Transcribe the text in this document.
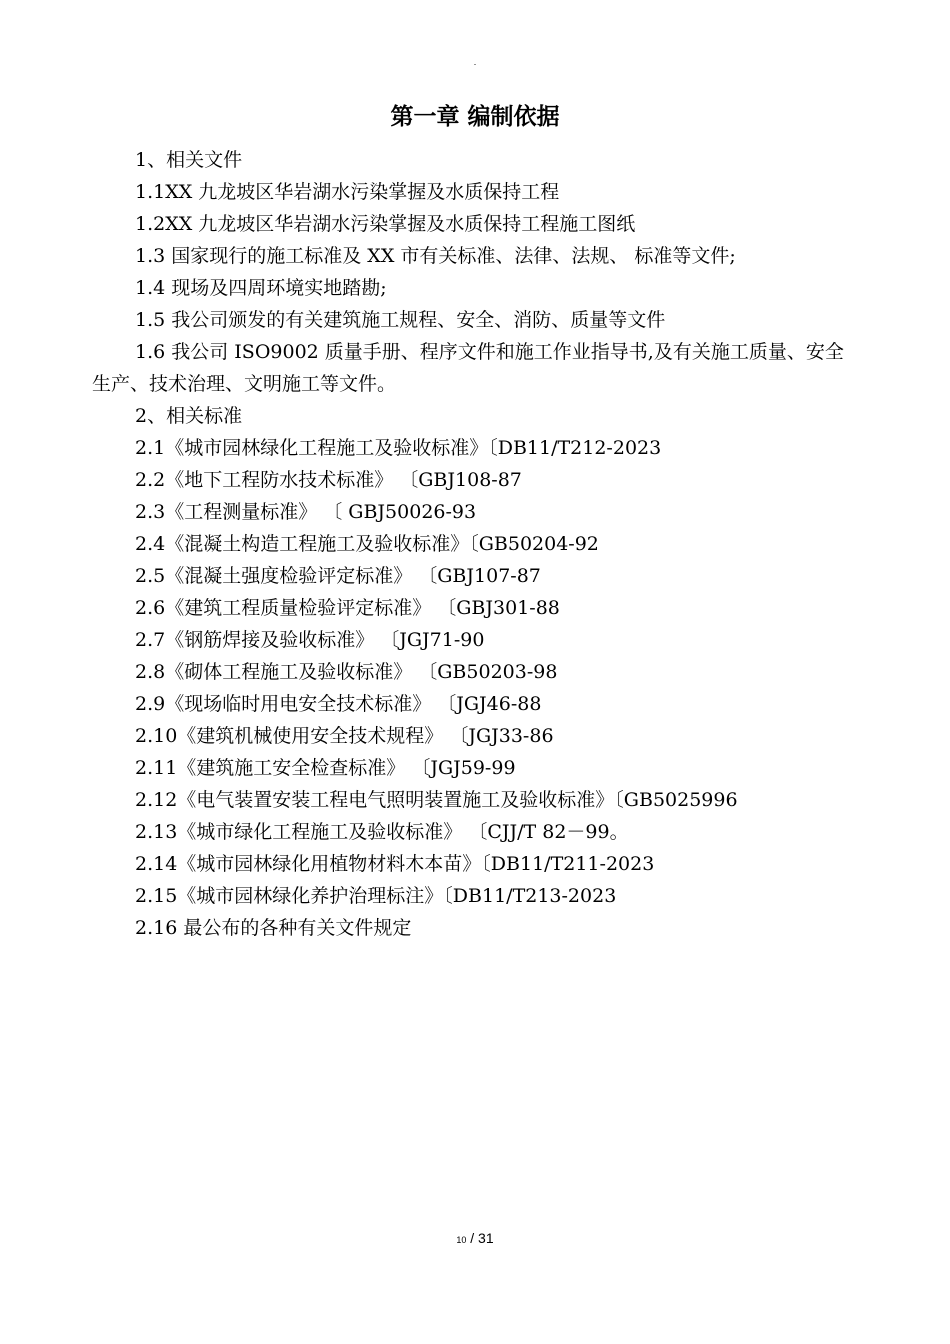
.
第一章 编制依据
1、相关文件
1.1XX 九龙坡区华岩湖水污染掌握及水质保持工程
1.2XX 九龙坡区华岩湖水污染掌握及水质保持工程施工图纸
1.3 国家现行的施工标准及 XX 市有关标准、法律、法规、 标准等文件;
1.4 现场及四周环境实地踏勘;
1.5 我公司颁发的有关建筑施工规程、安全、消防、质量等文件
1.6 我公司 ISO9002 质量手册、程序文件和施工作业指导书,及有关施工质量、安全生产、技术治理、文明施工等文件。
2、相关标准
2.1《城市园林绿化工程施工及验收标准》〔DB11/T212-2023
2.2《地下工程防水技术标准》 〔GBJ108-87
2.3《工程测量标准》 〔 GBJ50026-93
2.4《混凝土构造工程施工及验收标准》〔GB50204-92
2.5《混凝土强度检验评定标准》 〔GBJ107-87
2.6《建筑工程质量检验评定标准》 〔GBJ301-88
2.7《钢筋焊接及验收标准》 〔JGJ71-90
2.8《砌体工程施工及验收标准》 〔GB50203-98
2.9《现场临时用电安全技术标准》 〔JGJ46-88
2.10《建筑机械使用安全技术规程》 〔JGJ33-86
2.11《建筑施工安全检查标准》 〔JGJ59-99
2.12《电气装置安装工程电气照明装置施工及验收标准》〔GB5025996
2.13《城市绿化工程施工及验收标准》 〔CJJ/T 82－99。
2.14《城市园林绿化用植物材料木本苗》〔DB11/T211-2023
2.15《城市园林绿化养护治理标注》〔DB11/T213-2023
2.16 最公布的各种有关文件规定
10 / 31
